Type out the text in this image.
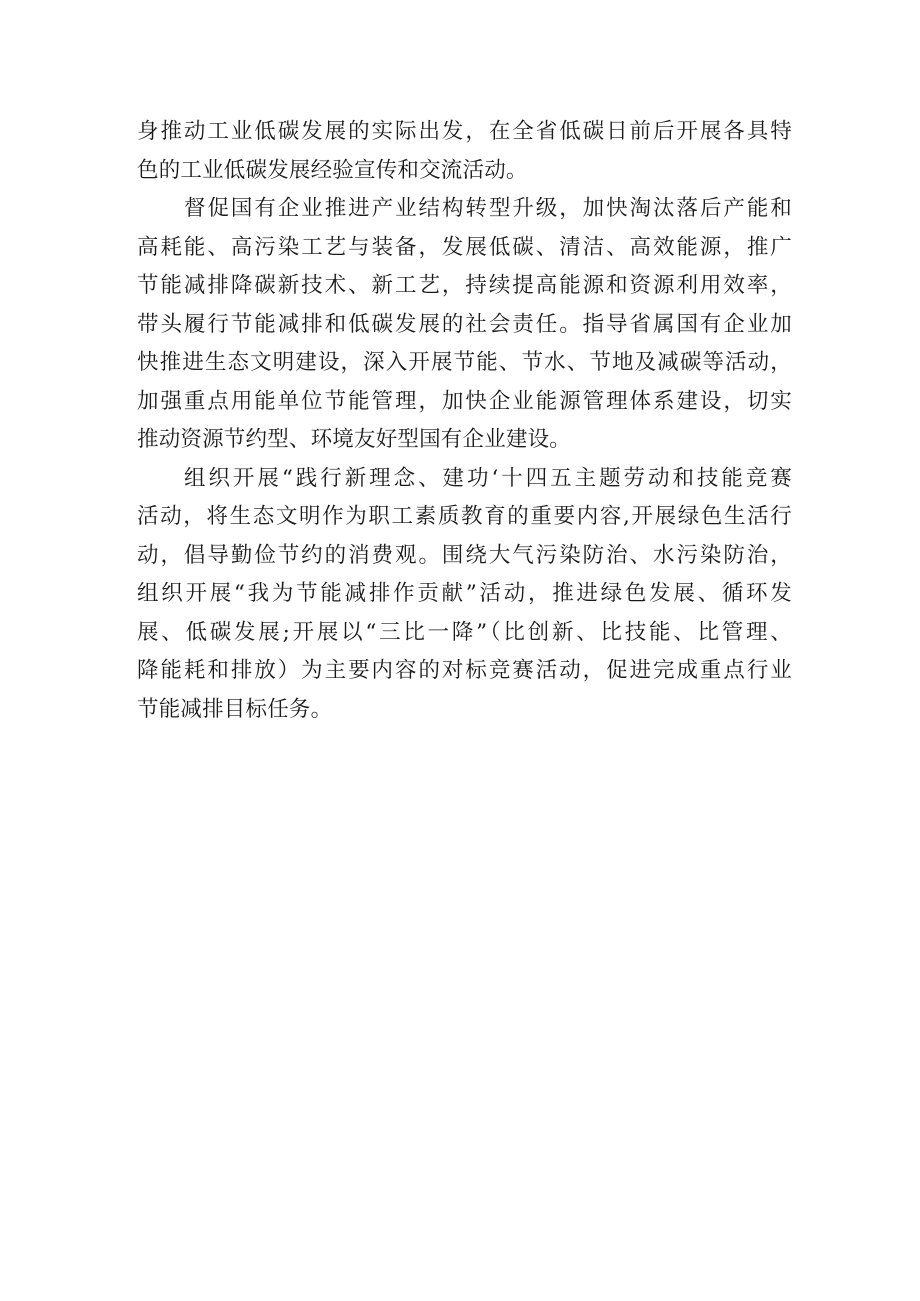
身推动工业低碳发展的实际出发，在全省低碳日前后开展各具特
色的工业低碳发展经验宣传和交流活动。
督促国有企业推进产业结构转型升级，加快淘汰落后产能和
高耗能、高污染工艺与装备，发展低碳、清洁、高效能源，推广
节能减排降碳新技术、新工艺，持续提高能源和资源利用效率，
带头履行节能减排和低碳发展的社会责任。指导省属国有企业加
快推进生态文明建设，深入开展节能、节水、节地及减碳等活动，
加强重点用能单位节能管理，加快企业能源管理体系建设，切实
推动资源节约型、环境友好型国有企业建设。
组织开展“践行新理念、建功‘十四五主题劳动和技能竞赛
活动，将生态文明作为职工素质教育的重要内容,开展绿色生活行
动，倡导勤俭节约的消费观。围绕大气污染防治、水污染防治，
组织开展“我为节能减排作贡献”活动，推进绿色发展、循环发
展、低碳发展;开展以“三比一降”（比创新、比技能、比管理、
降能耗和排放）为主要内容的对标竞赛活动，促进完成重点行业
节能减排目标任务。
